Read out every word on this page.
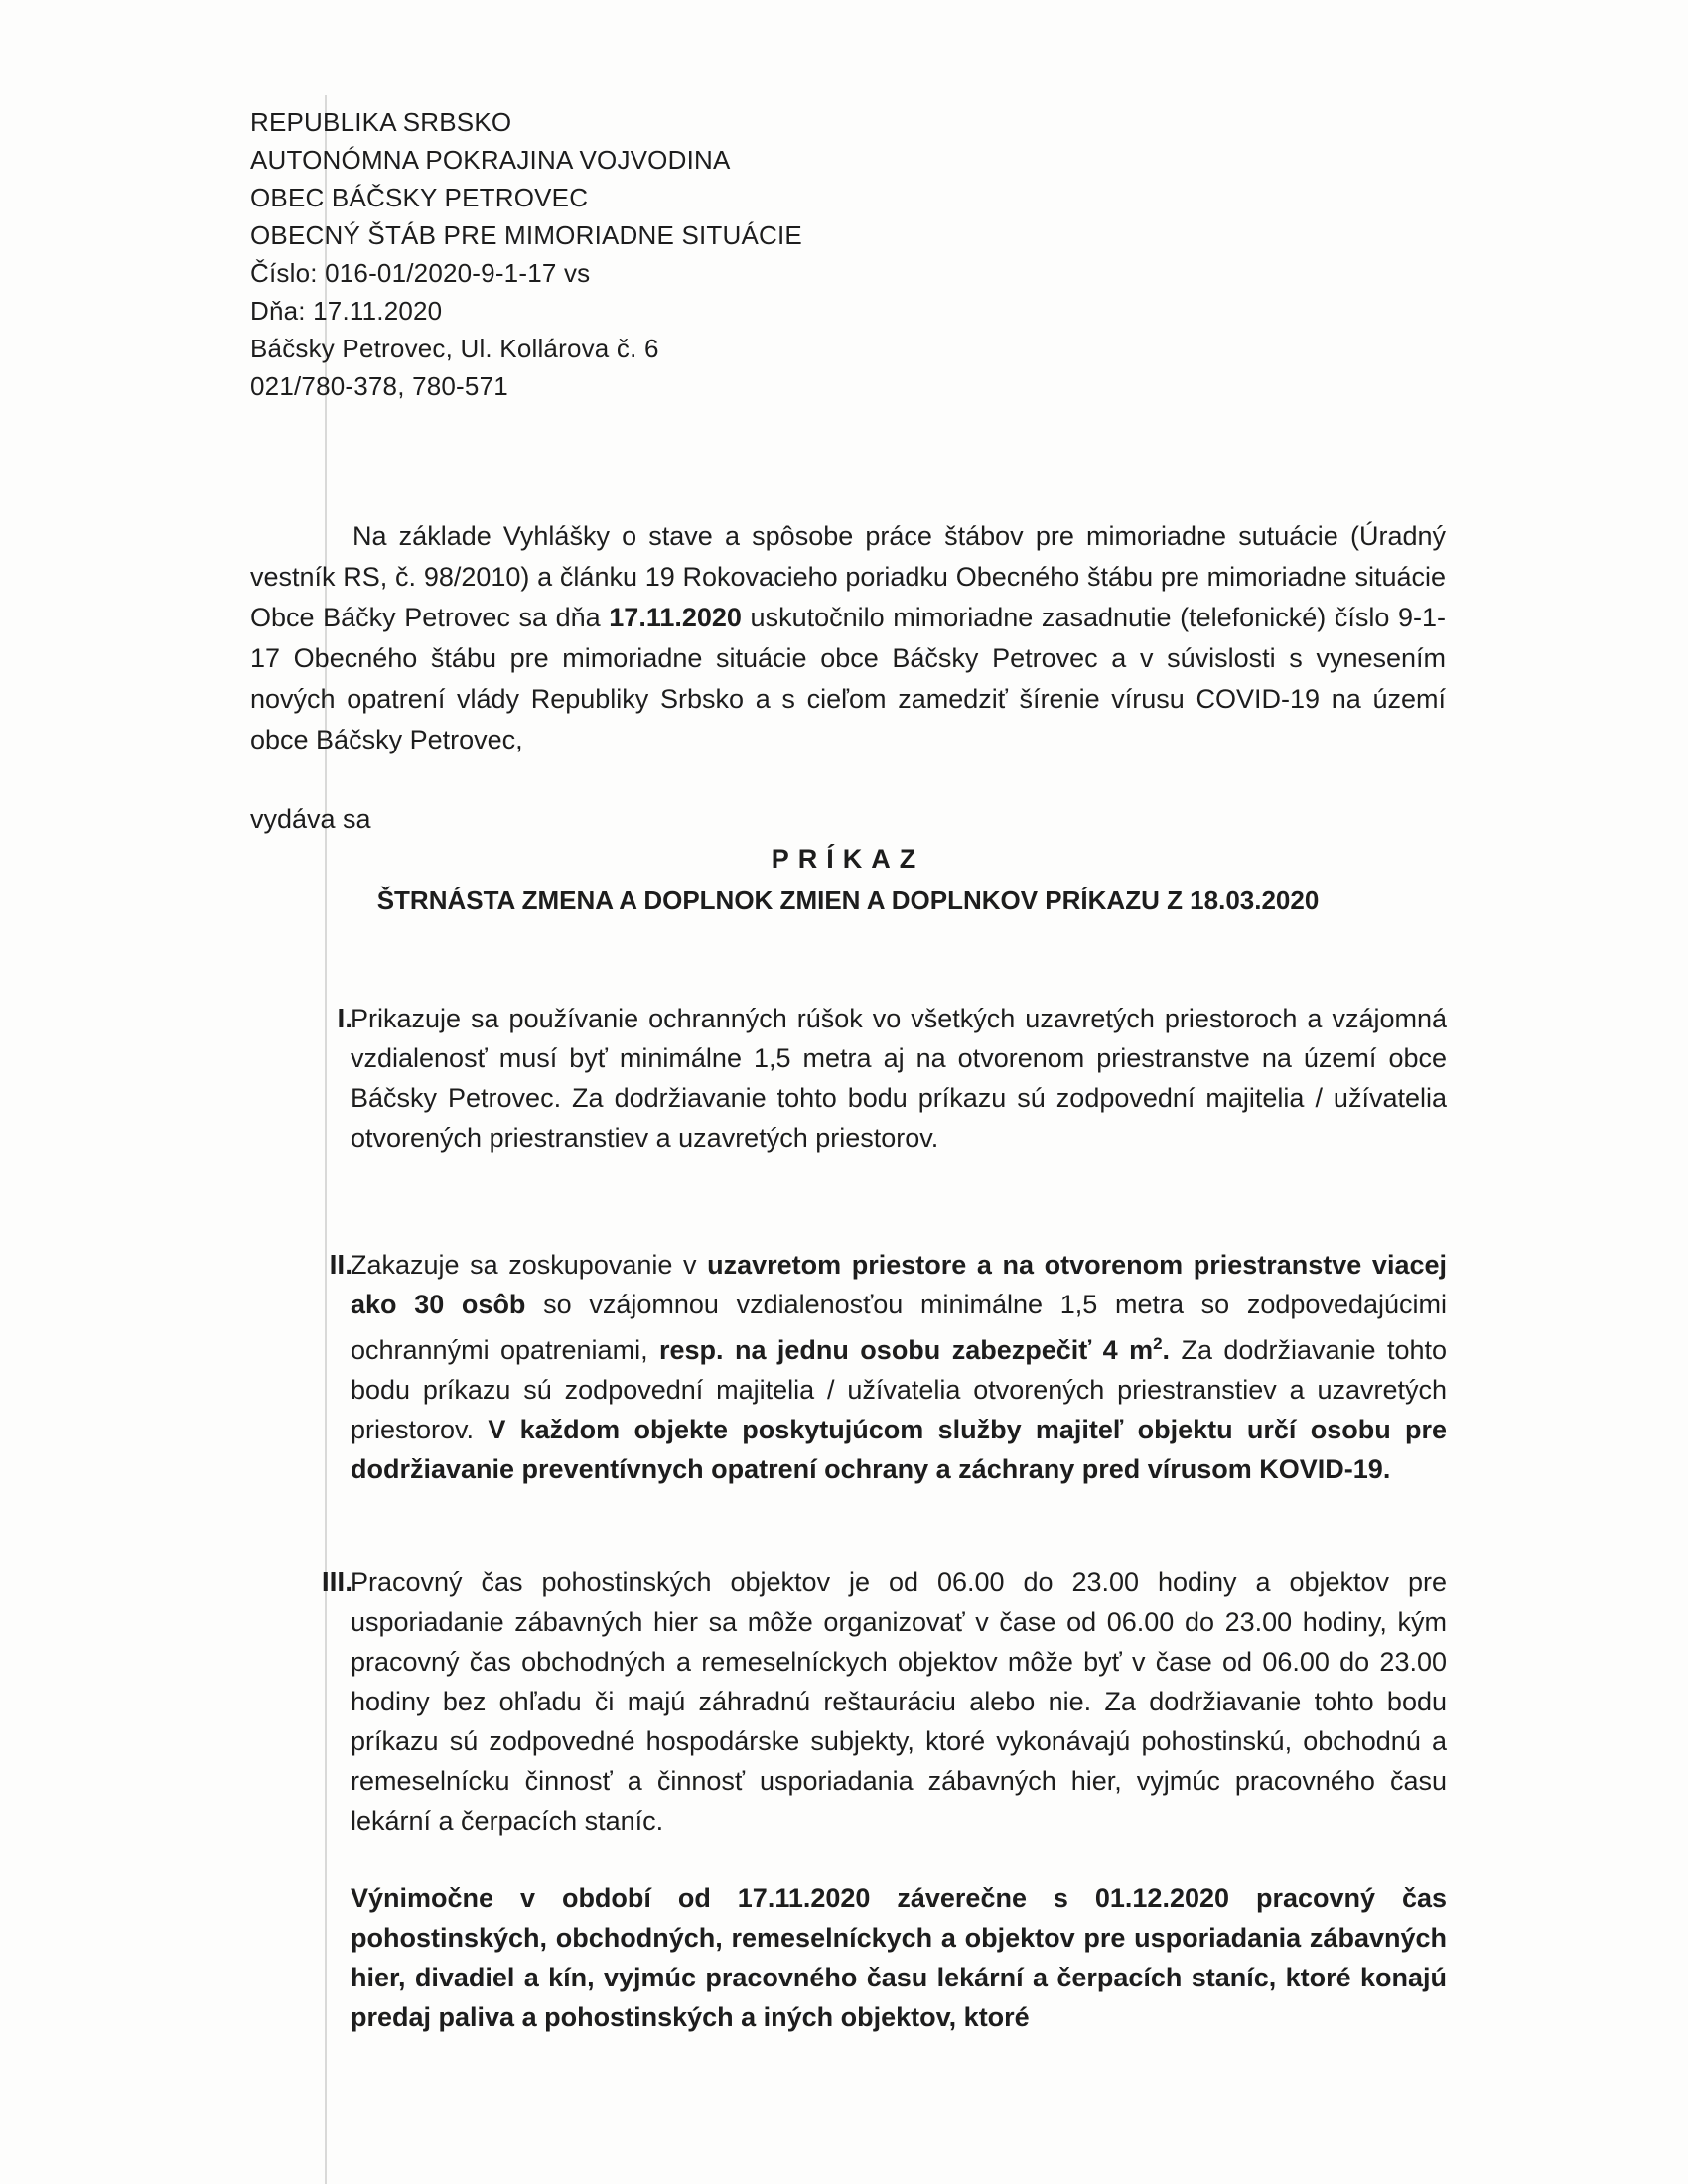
REPUBLIKA SRBSKO
AUTONÓMNA POKRAJINA VOJVODINA
OBEC BÁČSKY PETROVEC
OBECNÝ ŠTÁB PRE MIMORIADNE SITUÁCIE
Číslo: 016-01/2020-9-1-17 vs
Dňa: 17.11.2020
Báčsky Petrovec, Ul. Kollárova č. 6
021/780-378, 780-571
Na základe Vyhlášky o stave a spôsobe práce štábov pre mimoriadne sutuácie (Úradný vestník RS, č. 98/2010) a článku 19 Rokovacieho poriadku Obecného štábu pre mimoriadne situácie Obce Báčky Petrovec sa dňa 17.11.2020 uskutočnilo mimoriadne zasadnutie (telefonické) číslo 9-1-17 Obecného štábu pre mimoriadne situácie obce Báčsky Petrovec a v súvislosti s vynesením nových opatrení vlády Republiky Srbsko a s cieľom zamedziť šírenie vírusu COVID-19 na území obce Báčsky Petrovec,
vydáva sa
PRÍKAZ
ŠTRNÁSTA ZMENA A DOPLNOK ZMIEN A DOPLNKOV PRÍKAZU Z 18.03.2020
I.
Prikazuje sa používanie ochranných rúšok vo všetkých uzavretých priestoroch a vzájomná vzdialenosť musí byť minimálne 1,5 metra aj na otvorenom priestranstve na území obce Báčsky Petrovec. Za dodržiavanie tohto bodu príkazu sú zodpovední majitelia / užívatelia otvorených priestranstiev a uzavretých priestorov.
II.
Zakazuje sa zoskupovanie v uzavretom priestore a na otvorenom priestranstve viacej ako 30 osôb so vzájomnou vzdialenosťou minimálne 1,5 metra so zodpovedajúcimi ochrannými opatreniami, resp. na jednu osobu zabezpečiť 4 $m^2$. Za dodržiavanie tohto bodu príkazu sú zodpovední majitelia / užívatelia otvorených priestranstiev a uzavretých priestorov. V každom objekte poskytujúcom služby majiteľ objektu určí osobu pre dodržiavanie preventívnych opatrení ochrany a záchrany pred vírusom KOVID-19.
III.
Pracovný čas pohostinských objektov je od 06.00 do 23.00 hodiny a objektov pre usporiadanie zábavných hier sa môže organizovať v čase od 06.00 do 23.00 hodiny, kým pracovný čas obchodných a remeselníckych objektov môže byť v čase od 06.00 do 23.00 hodiny bez ohľadu či majú záhradnú reštauráciu alebo nie. Za dodržiavanie tohto bodu príkazu sú zodpovedné hospodárske subjekty, ktoré vykonávajú pohostinskú, obchodnú a remeselnícku činnosť a činnosť usporiadania zábavných hier, vyjmúc pracovného času lekární a čerpacích staníc.
Výnimočne v období od 17.11.2020 záverečne s 01.12.2020 pracovný čas pohostinských, obchodných, remeselníckych a objektov pre usporiadania zábavných hier, divadiel a kín, vyjmúc pracovného času lekární a čerpacích staníc, ktoré konajú predaj paliva a pohostinských a iných objektov, ktoré
